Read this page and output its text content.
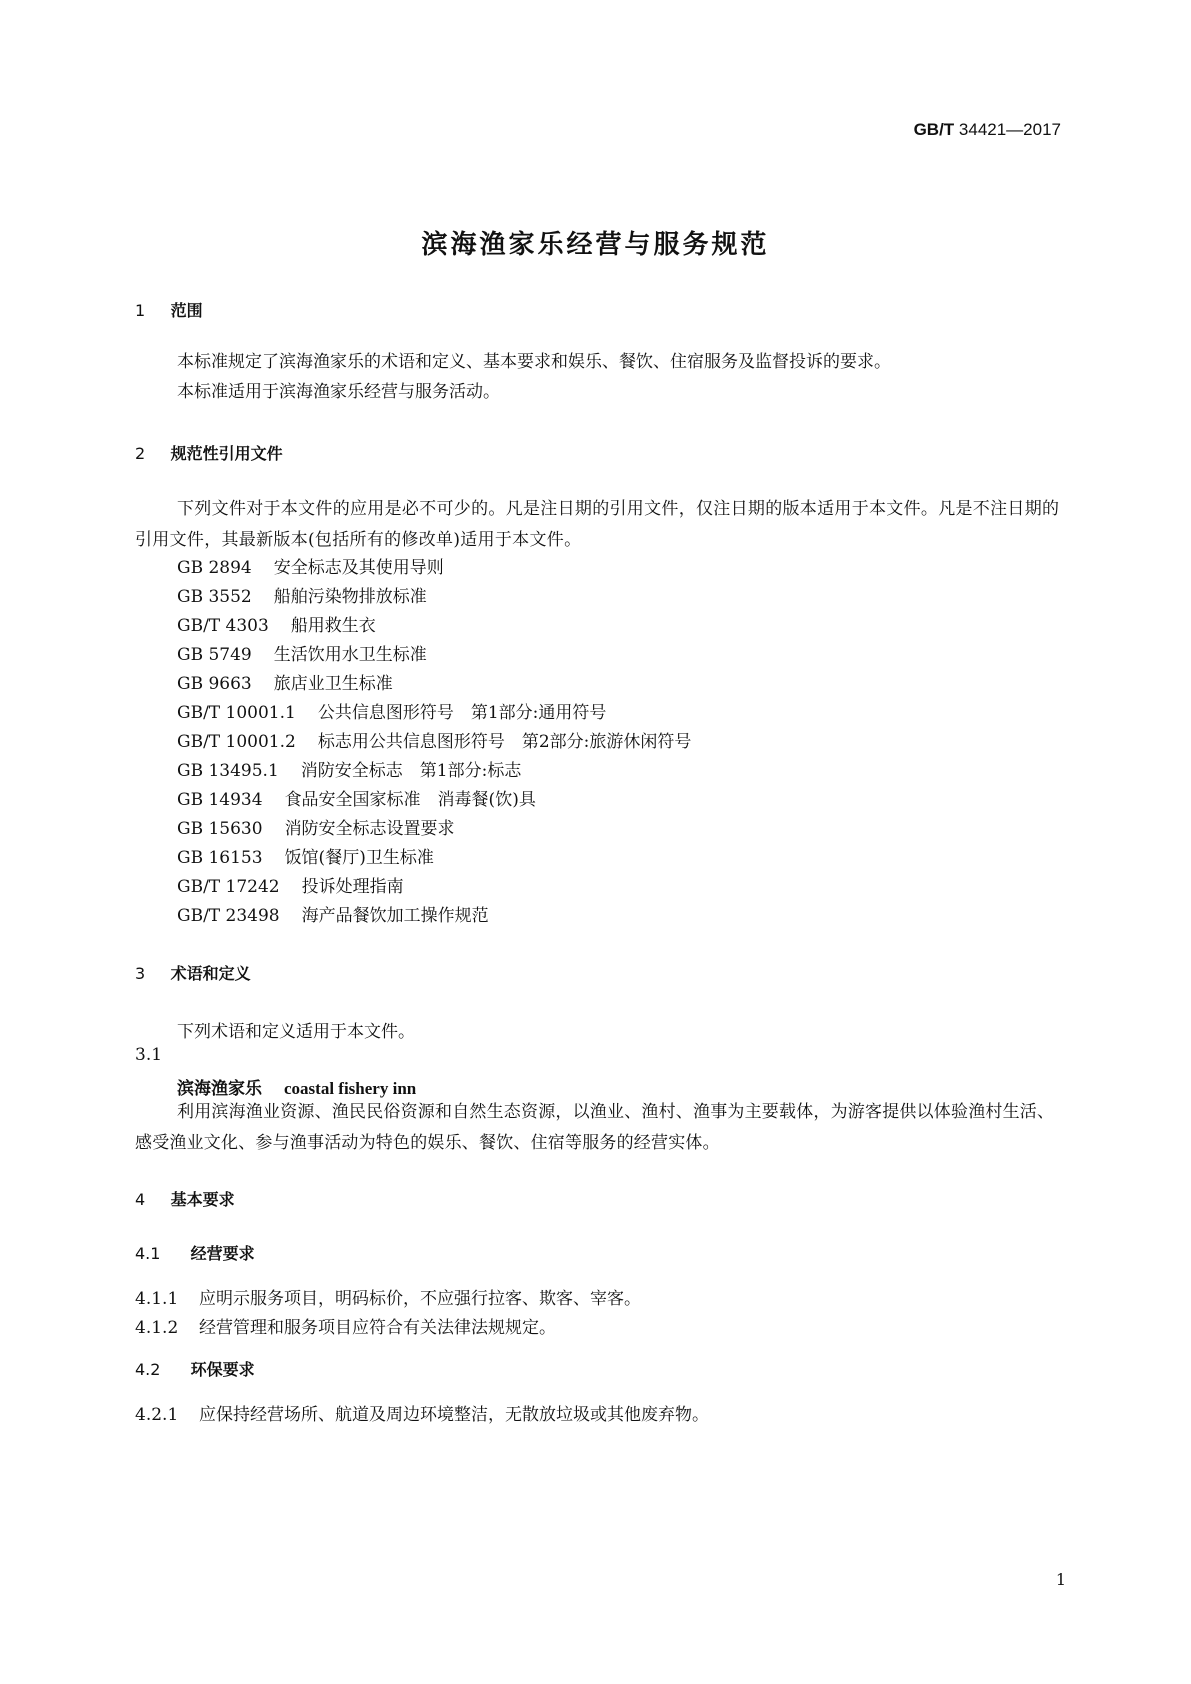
GB/T 34421—2017
滨海渔家乐经营与服务规范
1 范围
本标准规定了滨海渔家乐的术语和定义、基本要求和娱乐、餐饮、住宿服务及监督投诉的要求。
本标准适用于滨海渔家乐经营与服务活动。
2 规范性引用文件
下列文件对于本文件的应用是必不可少的。凡是注日期的引用文件，仅注日期的版本适用于本文件。凡是不注日期的引用文件，其最新版本(包括所有的修改单)适用于本文件。
GB 2894 安全标志及其使用导则
GB 3552 船舶污染物排放标准
GB/T 4303 船用救生衣
GB 5749 生活饮用水卫生标准
GB 9663 旅店业卫生标准
GB/T 10001.1 公共信息图形符号　第1部分:通用符号
GB/T 10001.2 标志用公共信息图形符号　第2部分:旅游休闲符号
GB 13495.1 消防安全标志　第1部分:标志
GB 14934 食品安全国家标准　消毒餐(饮)具
GB 15630 消防安全标志设置要求
GB 16153 饭馆(餐厅)卫生标准
GB/T 17242 投诉处理指南
GB/T 23498 海产品餐饮加工操作规范
3 术语和定义
下列术语和定义适用于本文件。
3.1
滨海渔家乐 coastal fishery inn
利用滨海渔业资源、渔民民俗资源和自然生态资源，以渔业、渔村、渔事为主要载体，为游客提供以体验渔村生活、感受渔业文化、参与渔事活动为特色的娱乐、餐饮、住宿等服务的经营实体。
4 基本要求
4.1 经营要求
4.1.1 应明示服务项目，明码标价，不应强行拉客、欺客、宰客。
4.1.2 经营管理和服务项目应符合有关法律法规规定。
4.2 环保要求
4.2.1 应保持经营场所、航道及周边环境整洁，无散放垃圾或其他废弃物。
1
